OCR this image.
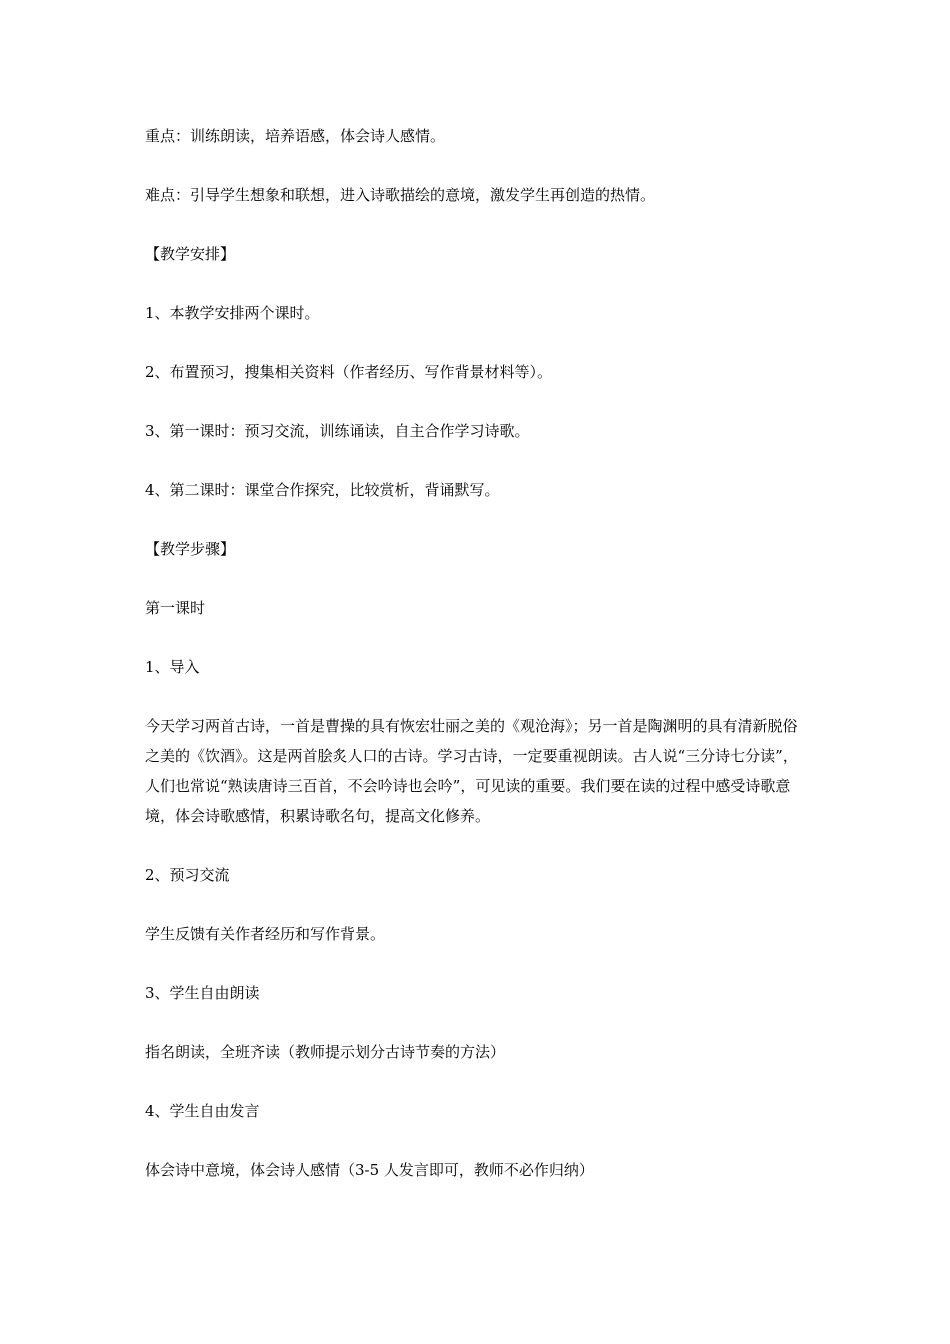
重点：训练朗读，培养语感，体会诗人感情。

难点：引导学生想象和联想，进入诗歌描绘的意境，激发学生再创造的热情。

【教学安排】

1、本教学安排两个课时。

2、布置预习，搜集相关资料（作者经历、写作背景材料等）。

3、第一课时：预习交流，训练诵读，自主合作学习诗歌。

4、第二课时：课堂合作探究，比较赏析，背诵默写。

【教学步骤】

第一课时

1、导入

今天学习两首古诗，一首是曹操的具有恢宏壮丽之美的《观沧海》；另一首是陶渊明的具有清新脱俗之美的《饮酒》。这是两首脍炙人口的古诗。学习古诗，一定要重视朗读。古人说“三分诗七分读”，人们也常说“熟读唐诗三百首，不会吟诗也会吟”，可见读的重要。我们要在读的过程中感受诗歌意境，体会诗歌感情，积累诗歌名句，提高文化修养。

2、预习交流

学生反馈有关作者经历和写作背景。

3、学生自由朗读

指名朗读，全班齐读（教师提示划分古诗节奏的方法）

4、学生自由发言

体会诗中意境，体会诗人感情（3-5 人发言即可，教师不必作归纳）
